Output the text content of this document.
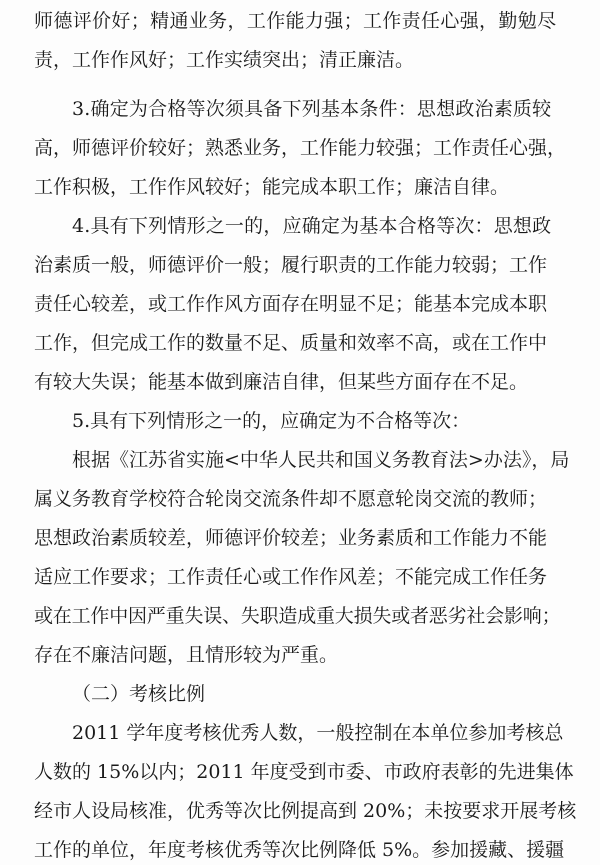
师德评价好；精通业务，工作能力强；工作责任心强，勤勉尽
责，工作作风好；工作实绩突出；清正廉洁。
3.确定为合格等次须具备下列基本条件：思想政治素质较
高，师德评价较好；熟悉业务，工作能力较强；工作责任心强，
工作积极，工作作风较好；能完成本职工作；廉洁自律。
4.具有下列情形之一的，应确定为基本合格等次：思想政
治素质一般，师德评价一般；履行职责的工作能力较弱；工作
责任心较差，或工作作风方面存在明显不足；能基本完成本职
工作，但完成工作的数量不足、质量和效率不高，或在工作中
有较大失误；能基本做到廉洁自律，但某些方面存在不足。
5.具有下列情形之一的，应确定为不合格等次：
根据《江苏省实施<中华人民共和国义务教育法>办法》，局
属义务教育学校符合轮岗交流条件却不愿意轮岗交流的教师；
思想政治素质较差，师德评价较差；业务素质和工作能力不能
适应工作要求；工作责任心或工作作风差；不能完成工作任务
或在工作中因严重失误、失职造成重大损失或者恶劣社会影响；
存在不廉洁问题，且情形较为严重。
（二）考核比例
2011 学年度考核优秀人数，一般控制在本单位参加考核总
人数的 15%以内；2011 年度受到市委、市政府表彰的先进集体
经市人设局核准，优秀等次比例提高到 20%；未按要求开展考核
工作的单位，年度考核优秀等次比例降低 5%。参加援藏、援疆
